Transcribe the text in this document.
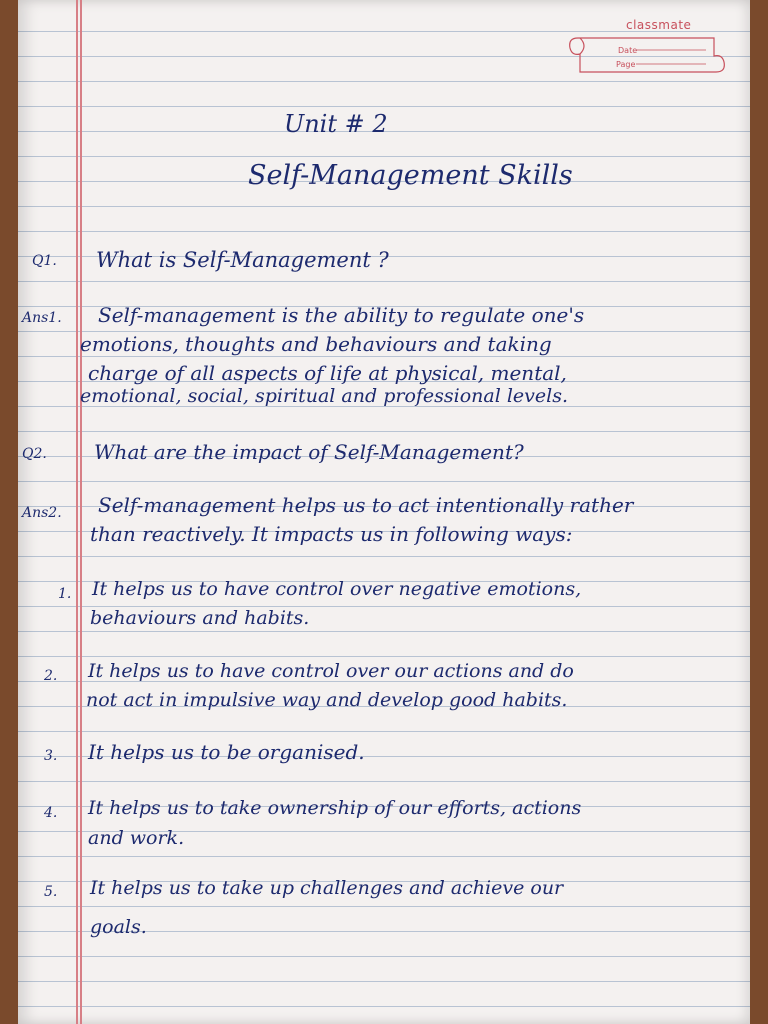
classmate
Date
Page
Unit # 2
Self-Management Skills
Q1. What is Self-Management ?
Ans1. Self-management is the ability to regulate one's
emotions, thoughts and behaviours and taking
charge of all aspects of life at physical, mental,
emotional, social, spiritual and professional levels.
Q2. What are the impact of Self-Management?
Ans2. Self-management helps us to act intentionally rather
than reactively. It impacts us in following ways:
1. It helps us to have control over negative emotions,
behaviours and habits.
2. It helps us to have control over our actions and do
not act in impulsive way and develop good habits.
3. It helps us to be organised.
4. It helps us to take ownership of our efforts, actions
and work.
5. It helps us to take up challenges and achieve our
goals.
